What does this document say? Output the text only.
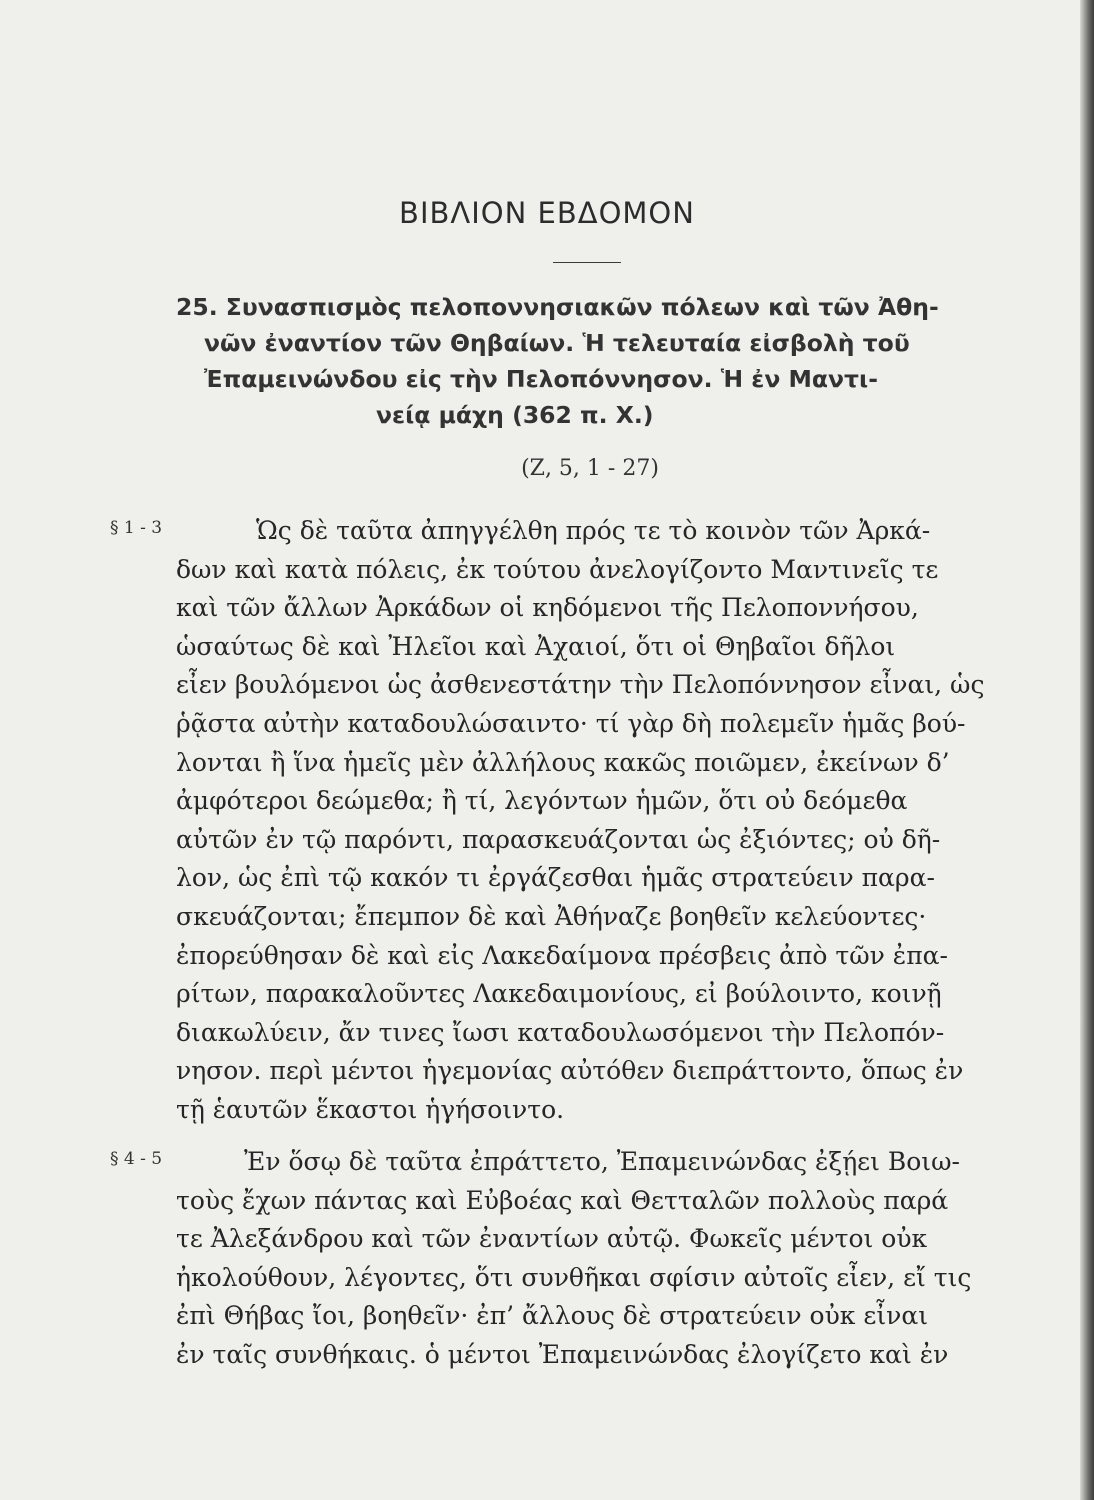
ΒΙΒΛΙΟΝ ΕΒΔΟΜΟΝ
25. Συνασπισμὸς πελοποννησιακῶν πόλεων καὶ τῶν Ἀθη-
νῶν ἐναντίον τῶν Θηβαίων. Ἡ τελευταία εἰσβολὴ τοῦ
Ἐπαμεινώνδου εἰς τὴν Πελοπόννησον. Ἡ ἐν Μαντι-
νείᾳ μάχη (362 π. Χ.)
(Ζ, 5, 1 - 27)
§ 1 - 3	Ὡς δὲ ταῦτα ἀπηγγέλθη πρός τε τὸ κοινὸν τῶν Ἀρκά-
δων καὶ κατὰ πόλεις, ἐκ τούτου ἀνελογίζοντο Μαντινεῖς τε
καὶ τῶν ἄλλων Ἀρκάδων οἱ κηδόμενοι τῆς Πελοποννήσου,
ὡσαύτως δὲ καὶ Ἠλεῖοι καὶ Ἀχαιοί, ὅτι οἱ Θηβαῖοι δῆλοι
εἶεν βουλόμενοι ὡς ἀσθενεστάτην τὴν Πελοπόννησον εἶναι, ὡς
ῥᾷστα αὐτὴν καταδουλώσαιντο· τί γὰρ δὴ πολεμεῖν ἡμᾶς βού-
λονται ἢ ἵνα ἡμεῖς μὲν ἀλλήλους κακῶς ποιῶμεν, ἐκείνων δ’
ἀμφότεροι δεώμεθα; ἢ τί, λεγόντων ἡμῶν, ὅτι οὐ δεόμεθα
αὐτῶν ἐν τῷ παρόντι, παρασκευάζονται ὡς ἐξιόντες; οὐ δῆ-
λον, ὡς ἐπὶ τῷ κακόν τι ἐργάζεσθαι ἡμᾶς στρατεύειν παρα-
σκευάζονται; ἔπεμπον δὲ καὶ Ἀθήναζε βοηθεῖν κελεύοντες·
ἐπορεύθησαν δὲ καὶ εἰς Λακεδαίμονα πρέσβεις ἀπὸ τῶν ἐπα-
ρίτων, παρακαλοῦντες Λακεδαιμονίους, εἰ βούλοιντο, κοινῇ
διακωλύειν, ἄν τινες ἴωσι καταδουλωσόμενοι τὴν Πελοπόν-
νησον. περὶ μέντοι ἡγεμονίας αὐτόθεν διεπράττοντο, ὅπως ἐν
τῇ ἑαυτῶν ἕκαστοι ἡγήσοιντο.
§ 4 - 5	Ἐν ὅσῳ δὲ ταῦτα ἐπράττετο, Ἐπαμεινώνδας ἐξῄει Βοιω-
τοὺς ἔχων πάντας καὶ Εὐβοέας καὶ Θετταλῶν πολλοὺς παρά
τε Ἀλεξάνδρου καὶ τῶν ἐναντίων αὐτῷ. Φωκεῖς μέντοι οὐκ
ἠκολούθουν, λέγοντες, ὅτι συνθῆκαι σφίσιν αὐτοῖς εἶεν, εἴ τις
ἐπὶ Θήβας ἴοι, βοηθεῖν· ἐπ’ ἄλλους δὲ στρατεύειν οὐκ εἶναι
ἐν ταῖς συνθήκαις. ὁ μέντοι Ἐπαμεινώνδας ἐλογίζετο καὶ ἐν
